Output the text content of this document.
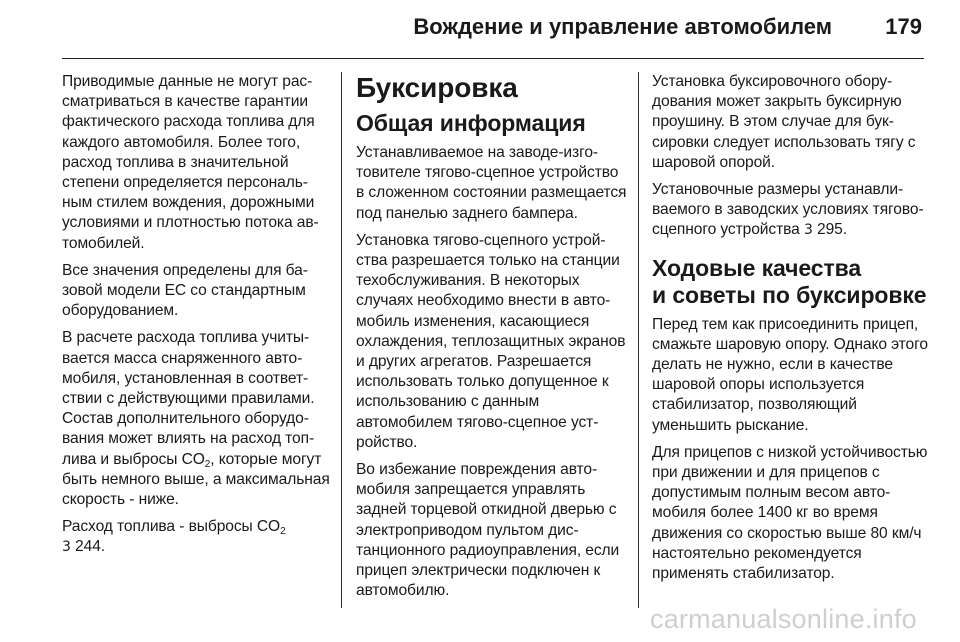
Вождение и управление автомобилем 179

Приводимые данные не могут рассматриваться в качестве гарантии фактического расхода топлива для каждого автомобиля. Более того, расход топлива в значительной степени определяется персональным стилем вождения, дорожными условиями и плотностью потока автомобилей.

Все значения определены для базовой модели ЕС со стандартным оборудованием.

В расчете расхода топлива учитывается масса снаряженного автомобиля, установленная в соответствии с действующими правилами. Состав дополнительного оборудования может влиять на расход топлива и выбросы $CO_2$, которые могут быть немного выше, а максимальная скорость - ниже.

Расход топлива - выбросы $CO_2$
3 244.

Буксировка
Общая информация

Устанавливаемое на заводе-изготовителе тягово-сцепное устройство в сложенном состоянии размещается под панелью заднего бампера.

Установка тягово-сцепного устройства разрешается только на станции техобслуживания. В некоторых случаях необходимо внести в автомобиль изменения, касающиеся охлаждения, теплозащитных экранов и других агрегатов. Разрешается использовать только допущенное к использованию с данным автомобилем тягово-сцепное устройство.

Во избежание повреждения автомобиля запрещается управлять задней торцевой откидной дверью с электроприводом пультом дистанционного радиоуправления, если прицеп электрически подключен к автомобилю.

Установка буксировочного оборудования может закрыть буксирную проушину. В этом случае для буксировки следует использовать тягу с шаровой опорой.

Установочные размеры устанавливаемого в заводских условиях тягово-сцепного устройства 3 295.

Ходовые качества
и советы по буксировке

Перед тем как присоединить прицеп, смажьте шаровую опору. Однако этого делать не нужно, если в качестве шаровой опоры используется стабилизатор, позволяющий уменьшить рыскание.

Для прицепов с низкой устойчивостью при движении и для прицепов с допустимым полным весом автомобиля более 1400 кг во время движения со скоростью выше 80 км/ч настоятельно рекомендуется применять стабилизатор.

carmanualsonline.info
